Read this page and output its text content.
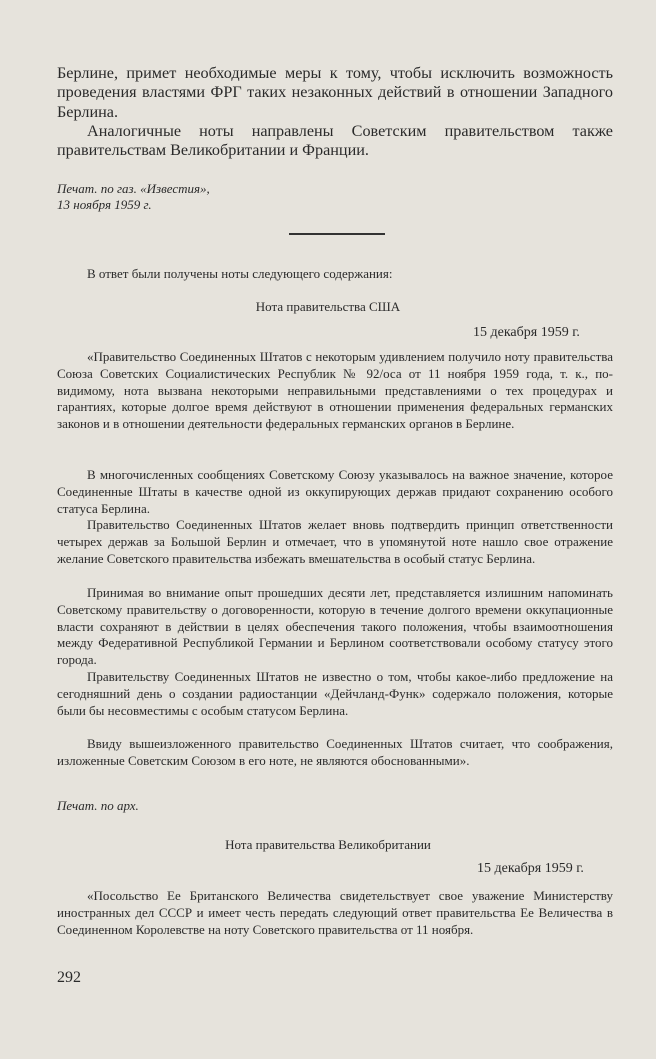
Берлине, примет необходимые меры к тому, чтобы исключить возможность проведения властями ФРГ таких незаконных действий в отношении Западного Берлина.

Аналогичные ноты направлены Советским правительством также правительствам Великобритании и Франции.

Печат. по газ. «Известия»,

13 ноября 1959 г.

В ответ были получены ноты следующего содержания:

Нота правительства США

15 декабря 1959 г.

«Правительство Соединенных Штатов с некоторым удивлением получило ноту правительства Союза Советских Социалистических Республик № 92/оса от 11 ноября 1959 года, т. к., по-видимому, нота вызвана некоторыми неправильными представлениями о тех процедурах и гарантиях, которые долгое время действуют в отношении применения федеральных германских законов и в отношении деятельности федеральных германских органов в Берлине.

В многочисленных сообщениях Советскому Союзу указывалось на важное значение, которое Соединенные Штаты в качестве одной из оккупирующих держав придают сохранению особого статуса Берлина.

Правительство Соединенных Штатов желает вновь подтвердить принцип ответственности четырех держав за Большой Берлин и отмечает, что в упомянутой ноте нашло свое отражение желание Советского правительства избежать вмешательства в особый статус Берлина.

Принимая во внимание опыт прошедших десяти лет, представляется излишним напоминать Советскому правительству о договоренности, которую в течение долгого времени оккупационные власти сохраняют в действии в целях обеспечения такого положения, чтобы взаимоотношения между Федеративной Республикой Германии и Берлином соответствовали особому статусу этого города.

Правительству Соединенных Штатов не известно о том, чтобы какое-либо предложение на сегодняшний день о создании радиостанции «Дейчланд-Функ» содержало положения, которые были бы несовместимы с особым статусом Берлина.

Ввиду вышеизложенного правительство Соединенных Штатов считает, что соображения, изложенные Советским Союзом в его ноте, не являются обоснованными».

Печат. по арх.

Нота правительства Великобритании

15 декабря 1959 г.

«Посольство Ее Британского Величества свидетельствует свое уважение Министерству иностранных дел СССР и имеет честь передать следующий ответ правительства Ее Величества в Соединенном Королевстве на ноту Советского правительства от 11 ноября.

292
